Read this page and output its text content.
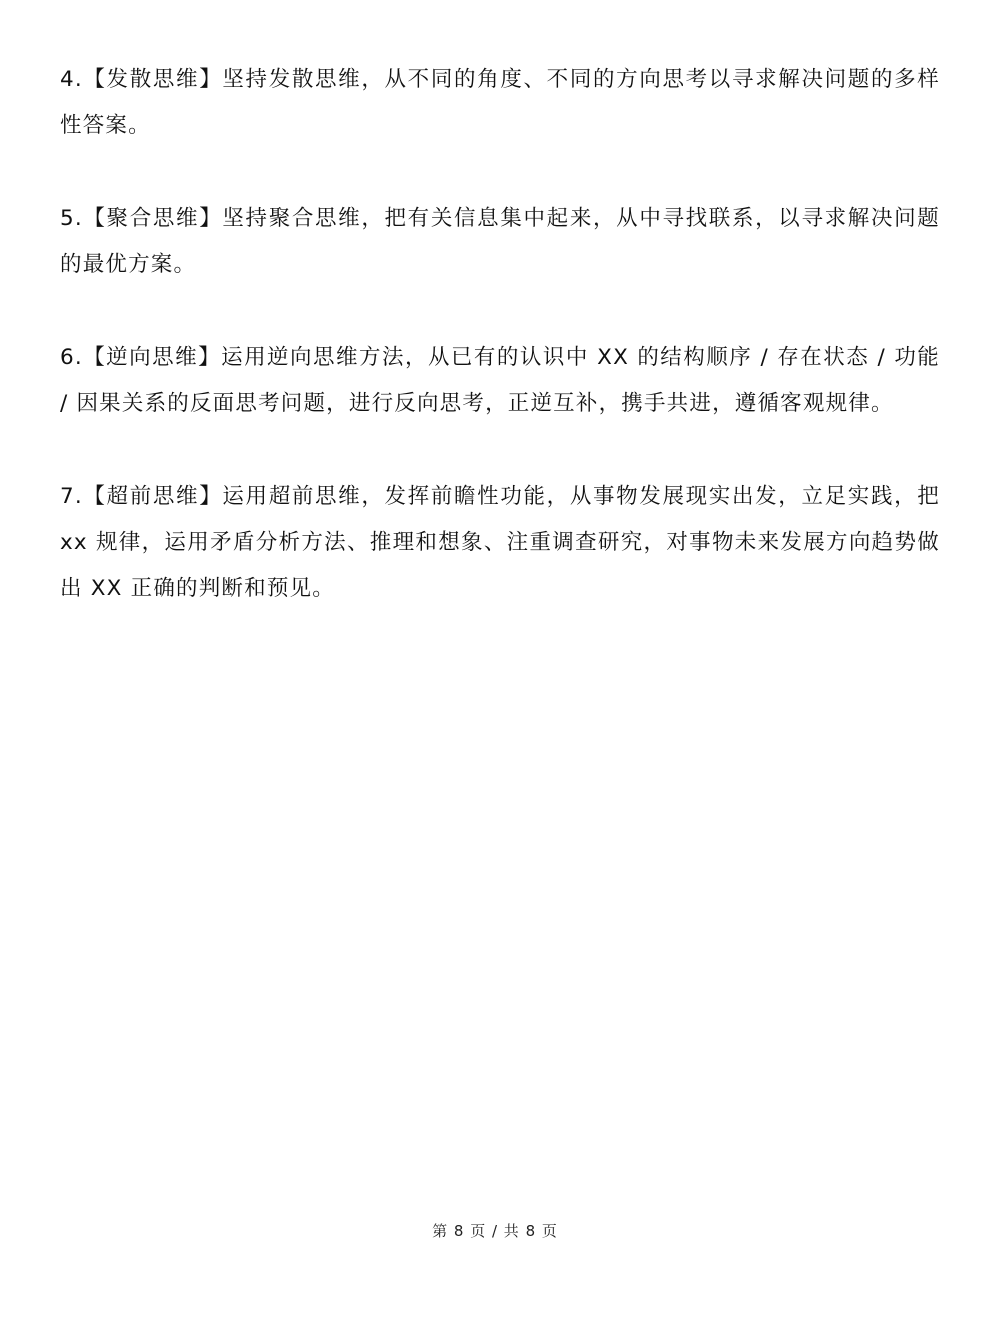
4.【发散思维】坚持发散思维，从不同的角度、不同的方向思考以寻求解决问题的多样性答案。

5.【聚合思维】坚持聚合思维，把有关信息集中起来，从中寻找联系，以寻求解决问题的最优方案。

6.【逆向思维】运用逆向思维方法，从已有的认识中 XX 的结构顺序 / 存在状态 / 功能 / 因果关系的反面思考问题，进行反向思考，正逆互补，携手共进，遵循客观规律。

7.【超前思维】运用超前思维，发挥前瞻性功能，从事物发展现实出发，立足实践，把 xx 规律，运用矛盾分析方法、推理和想象、注重调查研究，对事物未来发展方向趋势做出 XX 正确的判断和预见。

第 8 页 / 共 8 页
